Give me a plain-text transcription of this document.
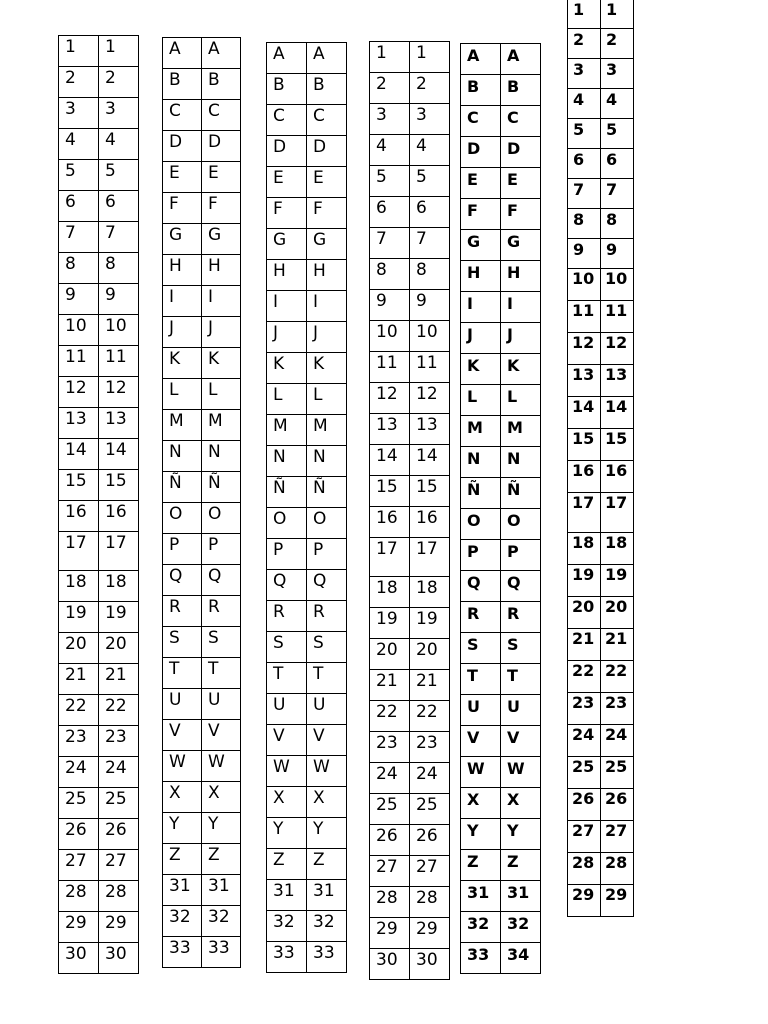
1	1
2	2
3	3
4	4
5	5
6	6
7	7
8	8
9	9
10	10
11	11
12	12
13	13
14	14
15	15
16	16
17	17
18	18
19	19
20	20
21	21
22	22
23	23
24	24
25	25
26	26
27	27
28	28
29	29
30	30
A	A
B	B
C	C
D	D
E	E
F	F
G	G
H	H
I	I
J	J
K	K
L	L
M	M
N	N
Ñ	Ñ
O	O
P	P
Q	Q
R	R
S	S
T	T
U	U
V	V
W	W
X	X
Y	Y
Z	Z
31	31
32	32
33	33
A	A
B	B
C	C
D	D
E	E
F	F
G	G
H	H
I	I
J	J
K	K
L	L
M	M
N	N
Ñ	Ñ
O	O
P	P
Q	Q
R	R
S	S
T	T
U	U
V	V
W	W
X	X
Y	Y
Z	Z
31	31
32	32
33	33
1	1
2	2
3	3
4	4
5	5
6	6
7	7
8	8
9	9
10	10
11	11
12	12
13	13
14	14
15	15
16	16
17	17
18	18
19	19
20	20
21	21
22	22
23	23
24	24
25	25
26	26
27	27
28	28
29	29
30	30
A	A
B	B
C	C
D	D
E	E
F	F
G	G
H	H
I	I
J	J
K	K
L	L
M	M
N	N
Ñ	Ñ
O	O
P	P
Q	Q
R	R
S	S
T	T
U	U
V	V
W	W
X	X
Y	Y
Z	Z
31	31
32	32
33	34
1	1
2	2
3	3
4	4
5	5
6	6
7	7
8	8
9	9
10	10
11	11
12	12
13	13
14	14
15	15
16	16
17	17
18	18
19	19
20	20
21	21
22	22
23	23
24	24
25	25
26	26
27	27
28	28
29	29
